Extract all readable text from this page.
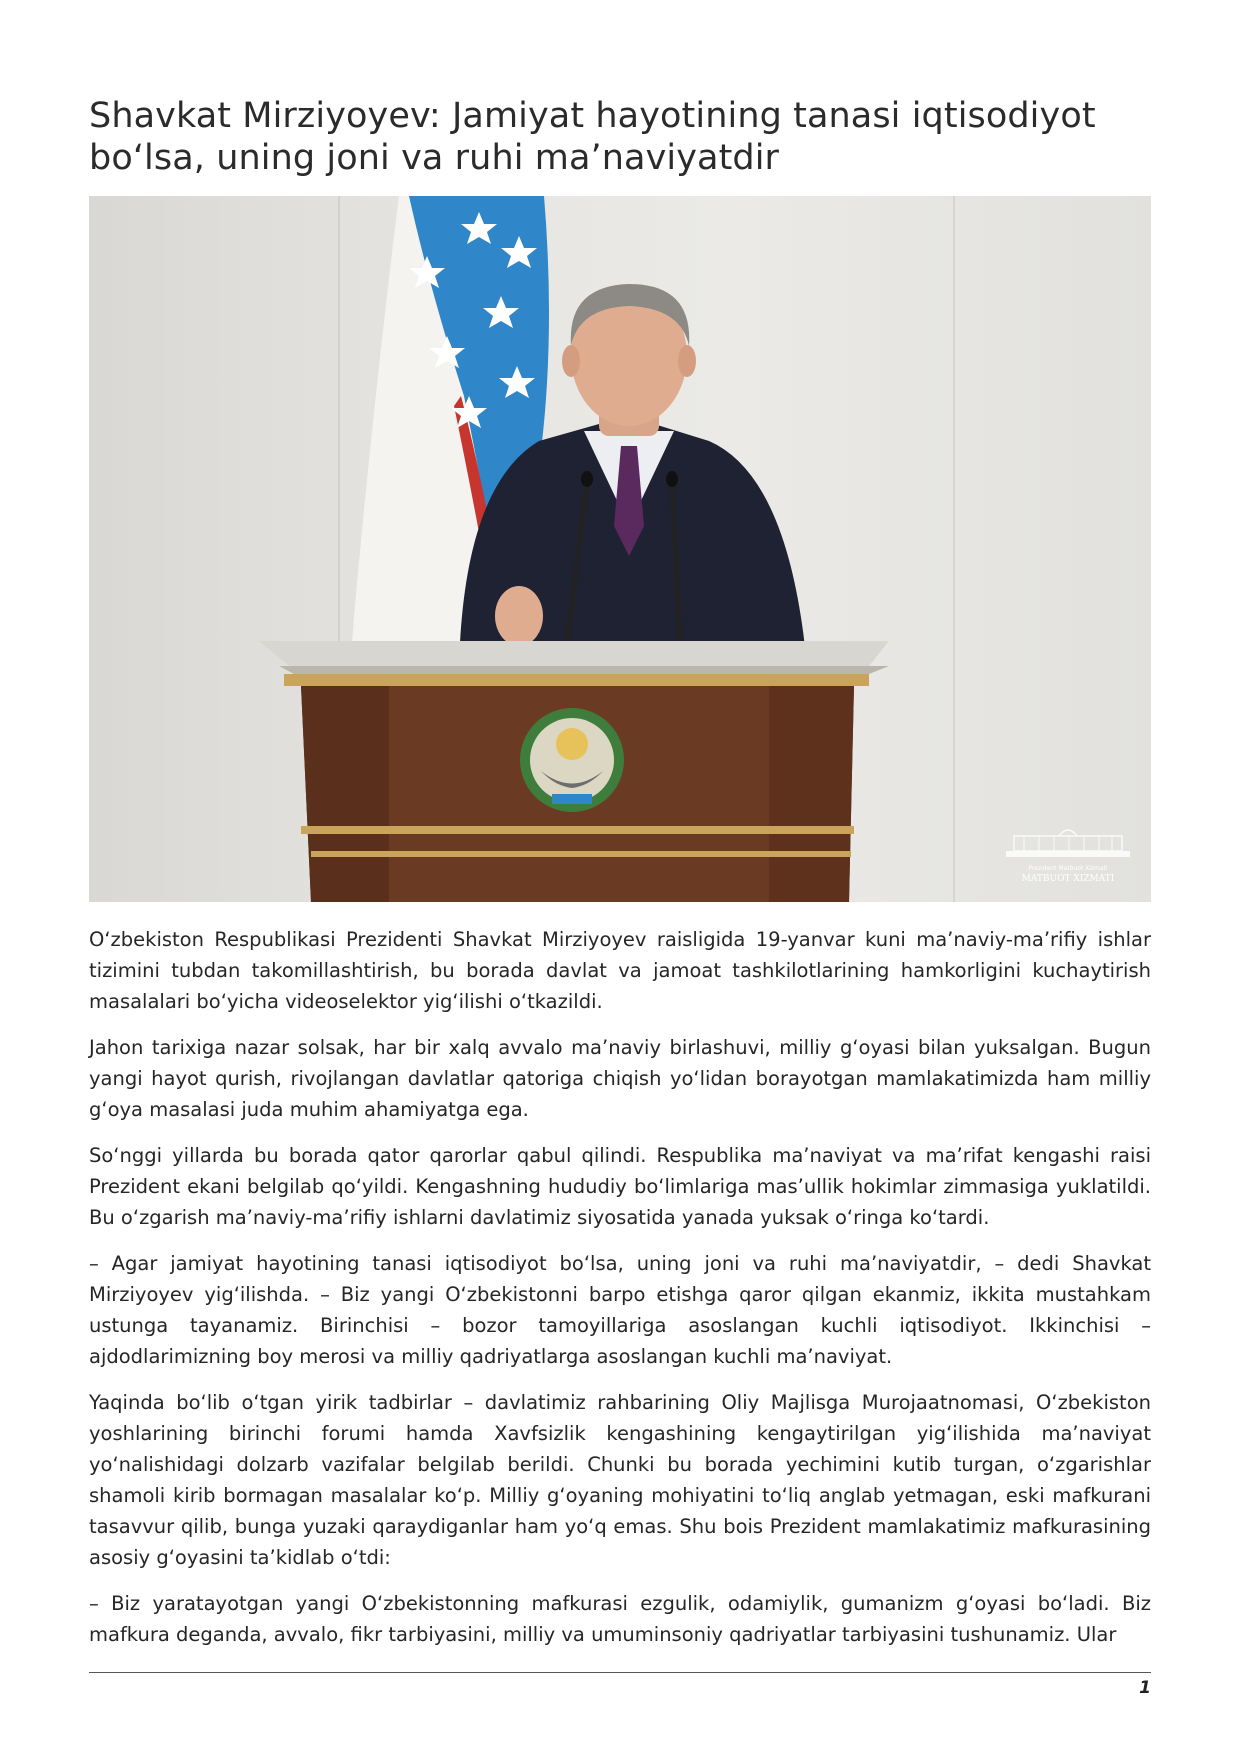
Shavkat Mirziyoyev: Jamiyat hayotining tanasi iqtisodiyot bo‘lsa, uning joni va ruhi ma’naviyatdir
Prezident Matbuot Xizmati
MATBUOT XIZMATI

O‘zbekiston Respublikasi Prezidenti Shavkat Mirziyoyev raisligida 19-yanvar kuni ma’naviy-ma’rifiy ishlar tizimini tubdan takomillashtirish, bu borada davlat va jamoat tashkilotlarining hamkorligini kuchaytirish masalalari bo‘yicha videoselektor yig‘ilishi o‘tkazildi.

Jahon tarixiga nazar solsak, har bir xalq avvalo ma’naviy birlashuvi, milliy g‘oyasi bilan yuksalgan. Bugun yangi hayot qurish, rivojlangan davlatlar qatoriga chiqish yo‘lidan borayotgan mamlakatimizda ham milliy g‘oya masalasi juda muhim ahamiyatga ega.

So‘nggi yillarda bu borada qator qarorlar qabul qilindi. Respublika ma’naviyat va ma’rifat kengashi raisi Prezident ekani belgilab qo‘yildi. Kengashning hududiy bo‘limlariga mas’ullik hokimlar zimmasiga yuklatildi. Bu o‘zgarish ma’naviy-ma’rifiy ishlarni davlatimiz siyosatida yanada yuksak o‘ringa ko‘tardi.

– Agar jamiyat hayotining tanasi iqtisodiyot bo‘lsa, uning joni va ruhi ma’naviyatdir, – dedi Shavkat Mirziyoyev yig‘ilishda. – Biz yangi O‘zbekistonni barpo etishga qaror qilgan ekanmiz, ikkita mustahkam ustunga tayanamiz. Birinchisi – bozor tamoyillariga asoslangan kuchli iqtisodiyot. Ikkinchisi – ajdodlarimizning boy merosi va milliy qadriyatlarga asoslangan kuchli ma’naviyat.

Yaqinda bo‘lib o‘tgan yirik tadbirlar – davlatimiz rahbarining Oliy Majlisga Murojaatnomasi, O‘zbekiston yoshlarining birinchi forumi hamda Xavfsizlik kengashining kengaytirilgan yig‘ilishida ma’naviyat yo‘nalishidagi dolzarb vazifalar belgilab berildi. Chunki bu borada yechimini kutib turgan, o‘zgarishlar shamoli kirib bormagan masalalar ko‘p. Milliy g‘oyaning mohiyatini to‘liq anglab yetmagan, eski mafkurani tasavvur qilib, bunga yuzaki qaraydiganlar ham yo‘q emas. Shu bois Prezident mamlakatimiz mafkurasining asosiy g‘oyasini ta’kidlab o‘tdi:

– Biz yaratayotgan yangi O‘zbekistonning mafkurasi ezgulik, odamiylik, gumanizm g‘oyasi bo‘ladi. Biz mafkura deganda, avvalo, fikr tarbiyasini, milliy va umuminsoniy qadriyatlar tarbiyasini tushunamiz. Ular

1
